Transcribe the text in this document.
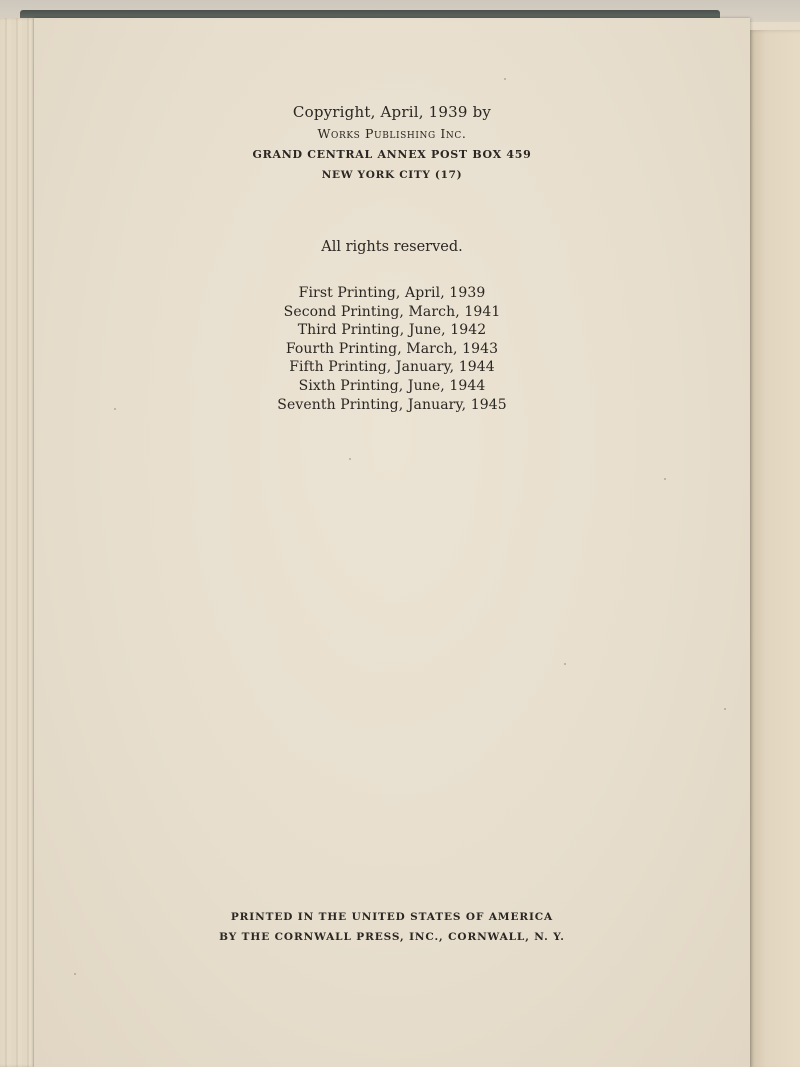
Copyright, April, 1939 by
Works Publishing Inc.
GRAND CENTRAL ANNEX POST BOX 459
NEW YORK CITY (17)
All rights reserved.
First Printing, April, 1939
Second Printing, March, 1941
Third Printing, June, 1942
Fourth Printing, March, 1943
Fifth Printing, January, 1944
Sixth Printing, June, 1944
Seventh Printing, January, 1945
PRINTED IN THE UNITED STATES OF AMERICA
BY THE CORNWALL PRESS, INC., CORNWALL, N. Y.
